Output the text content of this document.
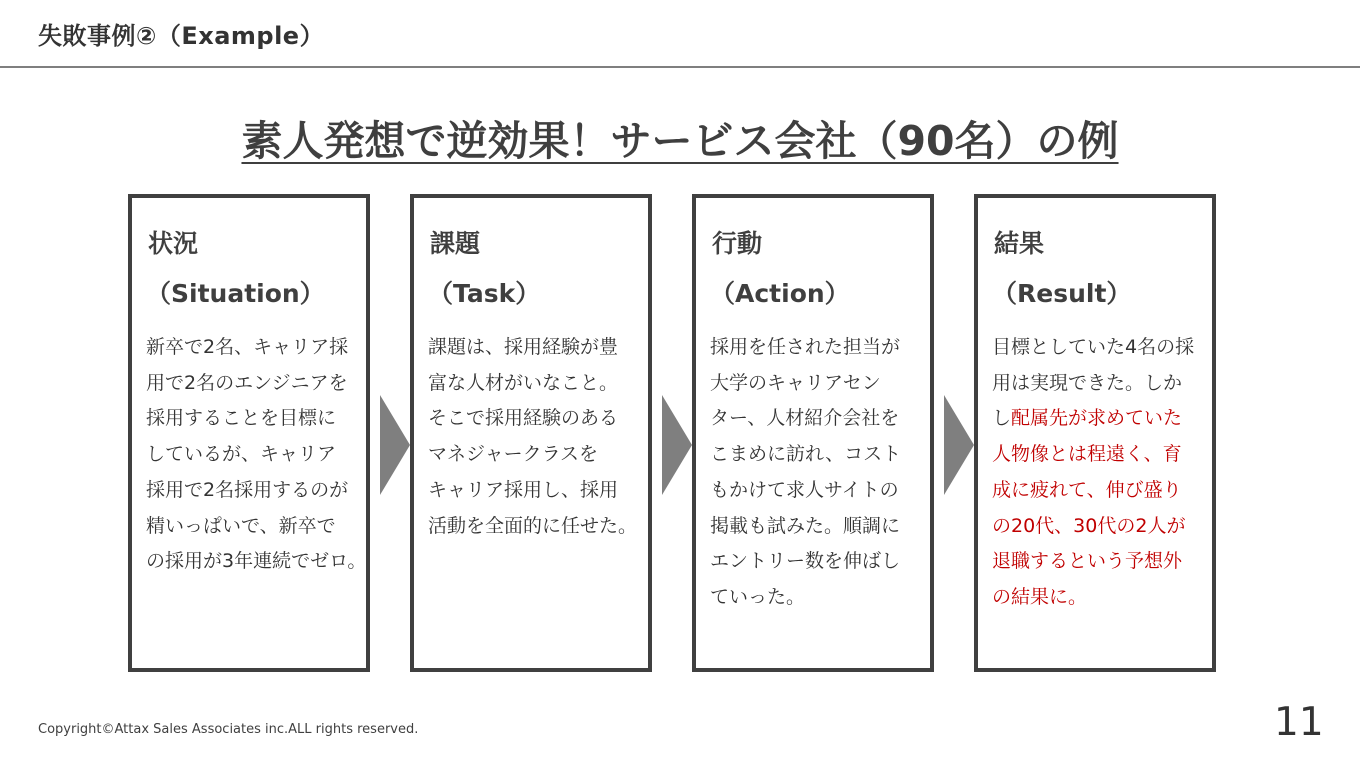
失敗事例②（Example）
素人発想で逆効果！サービス会社（90名）の例
状況
（Situation）
新卒で2名、キャリア採
用で2名のエンジニアを
採用することを目標に
しているが、キャリア
採用で2名採用するのが
精いっぱいで、新卒で
の採用が3年連続でゼロ。
課題
（Task）
課題は、採用経験が豊
富な人材がいなこと。
そこで採用経験のある
マネジャークラスを
キャリア採用し、採用
活動を全面的に任せた。
行動
（Action）
採用を任された担当が
大学のキャリアセン
ター、人材紹介会社を
こまめに訪れ、コスト
もかけて求人サイトの
掲載も試みた。順調に
エントリー数を伸ばし
ていった。
結果
（Result）
目標としていた4名の採
用は実現できた。しか
し配属先が求めていた
人物像とは程遠く、育
成に疲れて、伸び盛り
の20代、30代の2人が
退職するという予想外
の結果に。
Copyright©Attax Sales Associates inc.ALL rights reserved.	11
